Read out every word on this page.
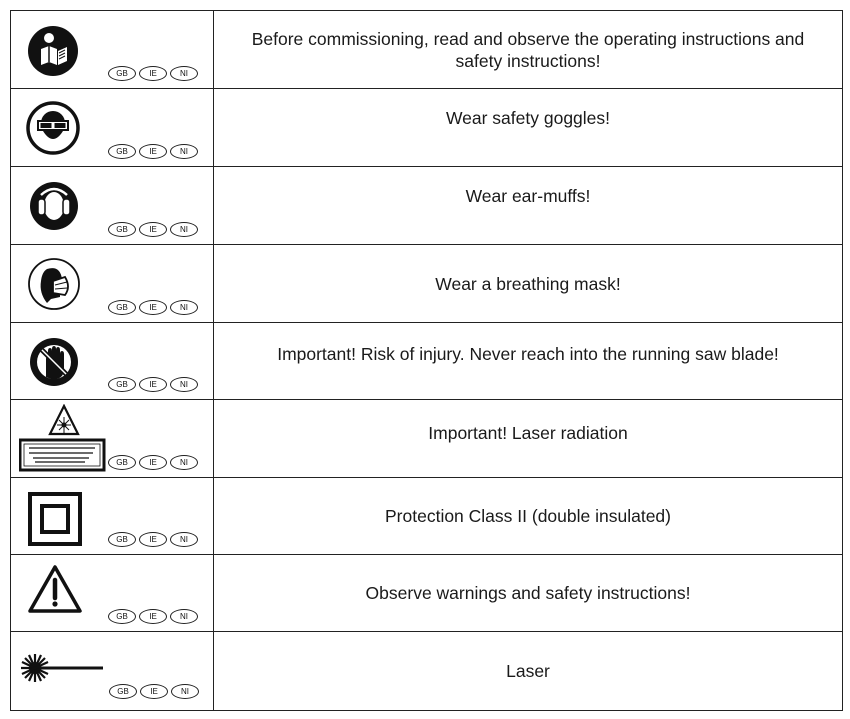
GB IE NI	Before commissioning, read and observe the operating instructions and safety instructions!

GB IE NI	Wear safety goggles!

GB IE NI	Wear ear-muffs!

GB IE NI	Wear a breathing mask!

GB IE NI	Important! Risk of injury. Never reach into the running saw blade!

GB IE NI	Important! Laser radiation

GB IE NI	Protection Class II (double insulated)

GB IE NI	Observe warnings and safety instructions!

GB IE NI	Laser
